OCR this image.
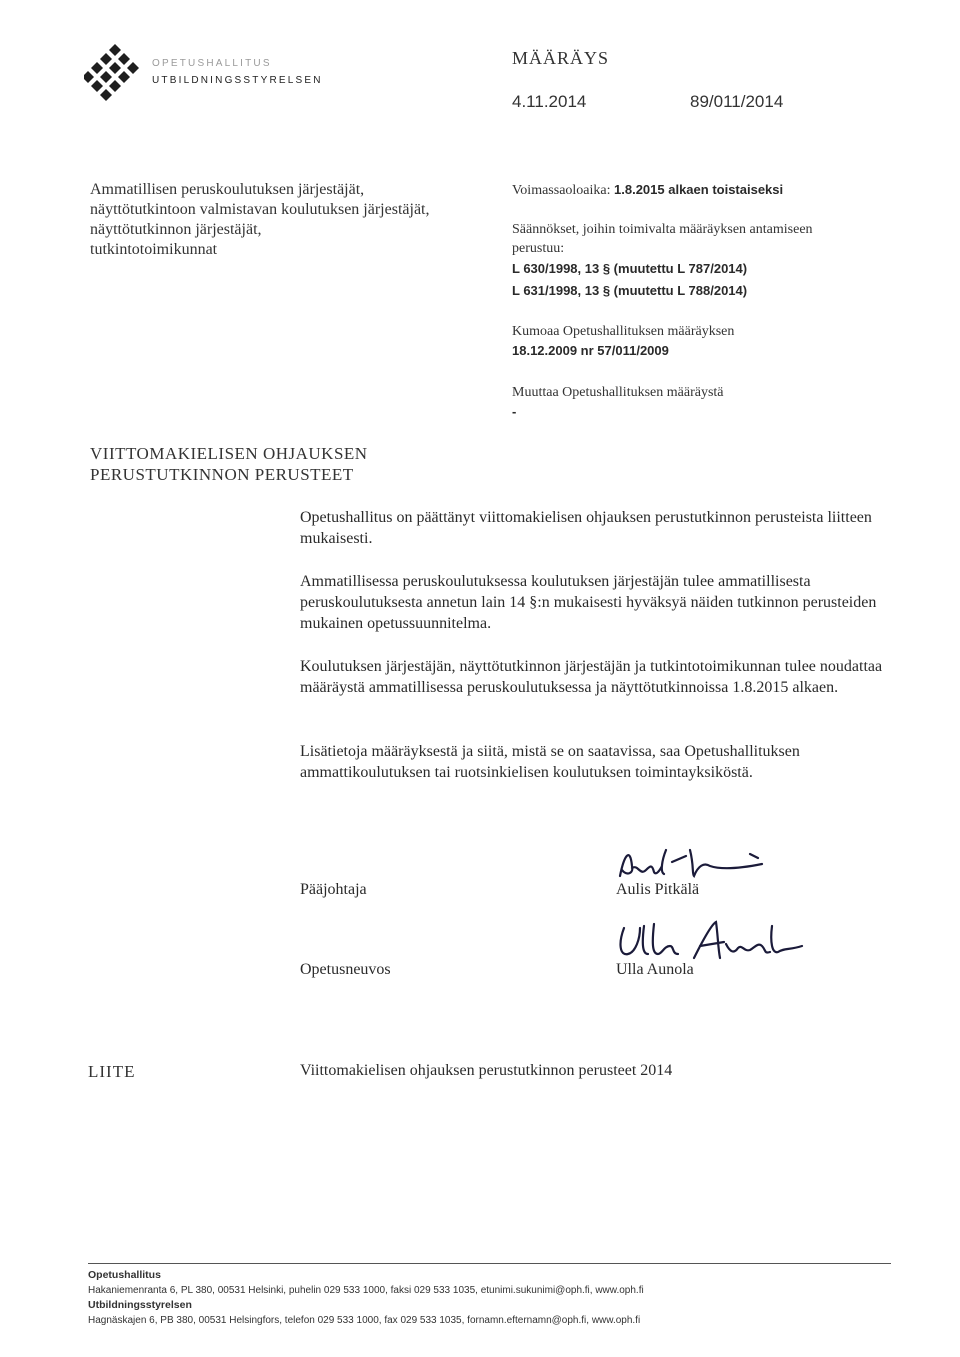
OPETUSHALLITUS
UTBILDNINGSSTYRELSEN
MÄÄRÄYS
4.11.2014	89/011/2014
Ammatillisen peruskoulutuksen järjestäjät,
näyttötutkintoon valmistavan koulutuksen järjestäjät,
näyttötutkinnon järjestäjät,
tutkintotoimikunnat
Voimassaoloaika: 1.8.2015 alkaen toistaiseksi
Säännökset, joihin toimivalta määräyksen antamiseen
perustuu:
L 630/1998, 13 § (muutettu L 787/2014)
L 631/1998, 13 § (muutettu L 788/2014)
Kumoaa Opetushallituksen määräyksen
18.12.2009 nr 57/011/2009
Muuttaa Opetushallituksen määräystä
-
VIITTOMAKIELISEN OHJAUKSEN
PERUSTUTKINNON PERUSTEET

Opetushallitus on päättänyt viittomakielisen ohjauksen perustutkinnon perusteista liitteen mukaisesti.

Ammatillisessa peruskoulutuksessa koulutuksen järjestäjän tulee ammatillisesta peruskoulutuksesta annetun lain 14 §:n mukaisesti hyväksyä näiden tutkinnon perusteiden mukainen opetussuunnitelma.

Koulutuksen järjestäjän, näyttötutkinnon järjestäjän ja tutkintotoimikunnan tulee noudattaa määräystä ammatillisessa peruskoulutuksessa ja näyttötutkinnoissa 1.8.2015 alkaen.

Lisätietoja määräyksestä ja siitä, mistä se on saatavissa, saa Opetushallituksen ammattikoulutuksen tai ruotsinkielisen koulutuksen toimintayksiköstä.

Pääjohtaja	Aulis Pitkälä
Opetusneuvos	Ulla Aunola
LIITE	Viittomakielisen ohjauksen perustutkinnon perusteet 2014
Opetushallitus
Hakaniemenranta 6, PL 380, 00531 Helsinki, puhelin 029 533 1000, faksi 029 533 1035, etunimi.sukunimi@oph.fi, www.oph.fi
Utbildningsstyrelsen
Hagnäskajen 6, PB 380, 00531 Helsingfors, telefon 029 533 1000, fax 029 533 1035, fornamn.efternamn@oph.fi, www.oph.fi
